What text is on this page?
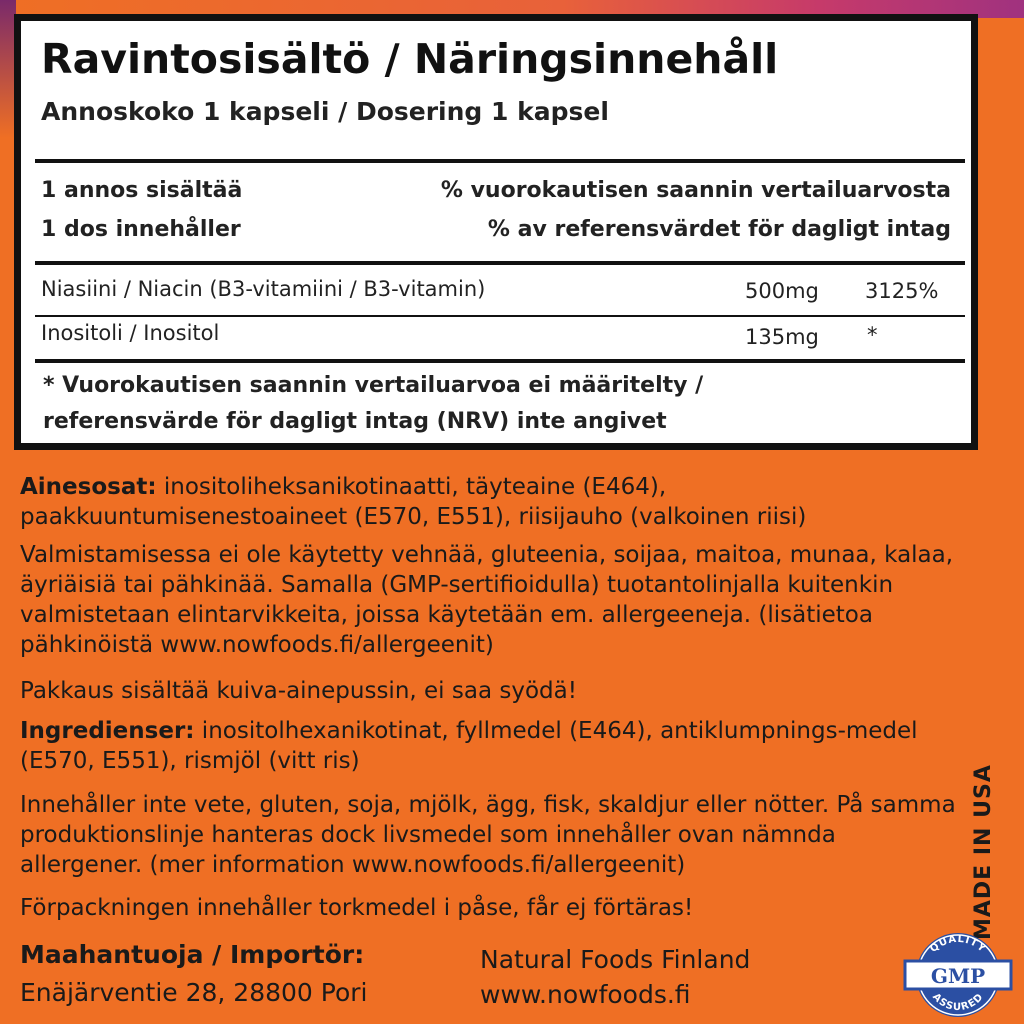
Ravintosisältö / Näringsinnehåll
Annoskoko 1 kapseli / Dosering 1 kapsel
1 annos sisältää
1 dos innehåller
% vuorokautisen saannin vertailuarvosta
% av referensvärdet för dagligt intag
Niasiini / Niacin (B3-vitamiini / B3-vitamin)	500mg 3125%
Inositoli / Inositol	135mg *
* Vuorokautisen saannin vertailuarvoa ei määritelty /
referensvärde för dagligt intag (NRV) inte angivet
Ainesosat: inositoliheksanikotinaatti, täyteaine (E464), paakkuuntumisenestoaineet (E570, E551), riisijauho (valkoinen riisi)
Valmistamisessa ei ole käytetty vehnää, gluteenia, soijaa, maitoa, munaa, kalaa, äyriäisiä tai pähkinää. Samalla (GMP-sertifioidulla) tuotantolinjalla kuitenkin valmistetaan elintarvikkeita, joissa käytetään em. allergeeneja. (lisätietoa pähkinöistä www.nowfoods.fi/allergeenit)
Pakkaus sisältää kuiva-ainepussin, ei saa syödä!
Ingredienser: inositolhexanikotinat, fyllmedel (E464), antiklumpnings-medel (E570, E551), rismjöl (vitt ris)
Innehåller inte vete, gluten, soja, mjölk, ägg, fisk, skaldjur eller nötter. På samma produktionslinje hanteras dock livsmedel som innehåller ovan nämnda allergener. (mer information www.nowfoods.fi/allergeenit)
Förpackningen innehåller torkmedel i påse, får ej förtäras!
Maahantuoja / Importör:
Enäjärventie 28, 28800 Pori
Natural Foods Finland
www.nowfoods.fi
MADE IN USA
QUALITY
GMP
ASSURED
